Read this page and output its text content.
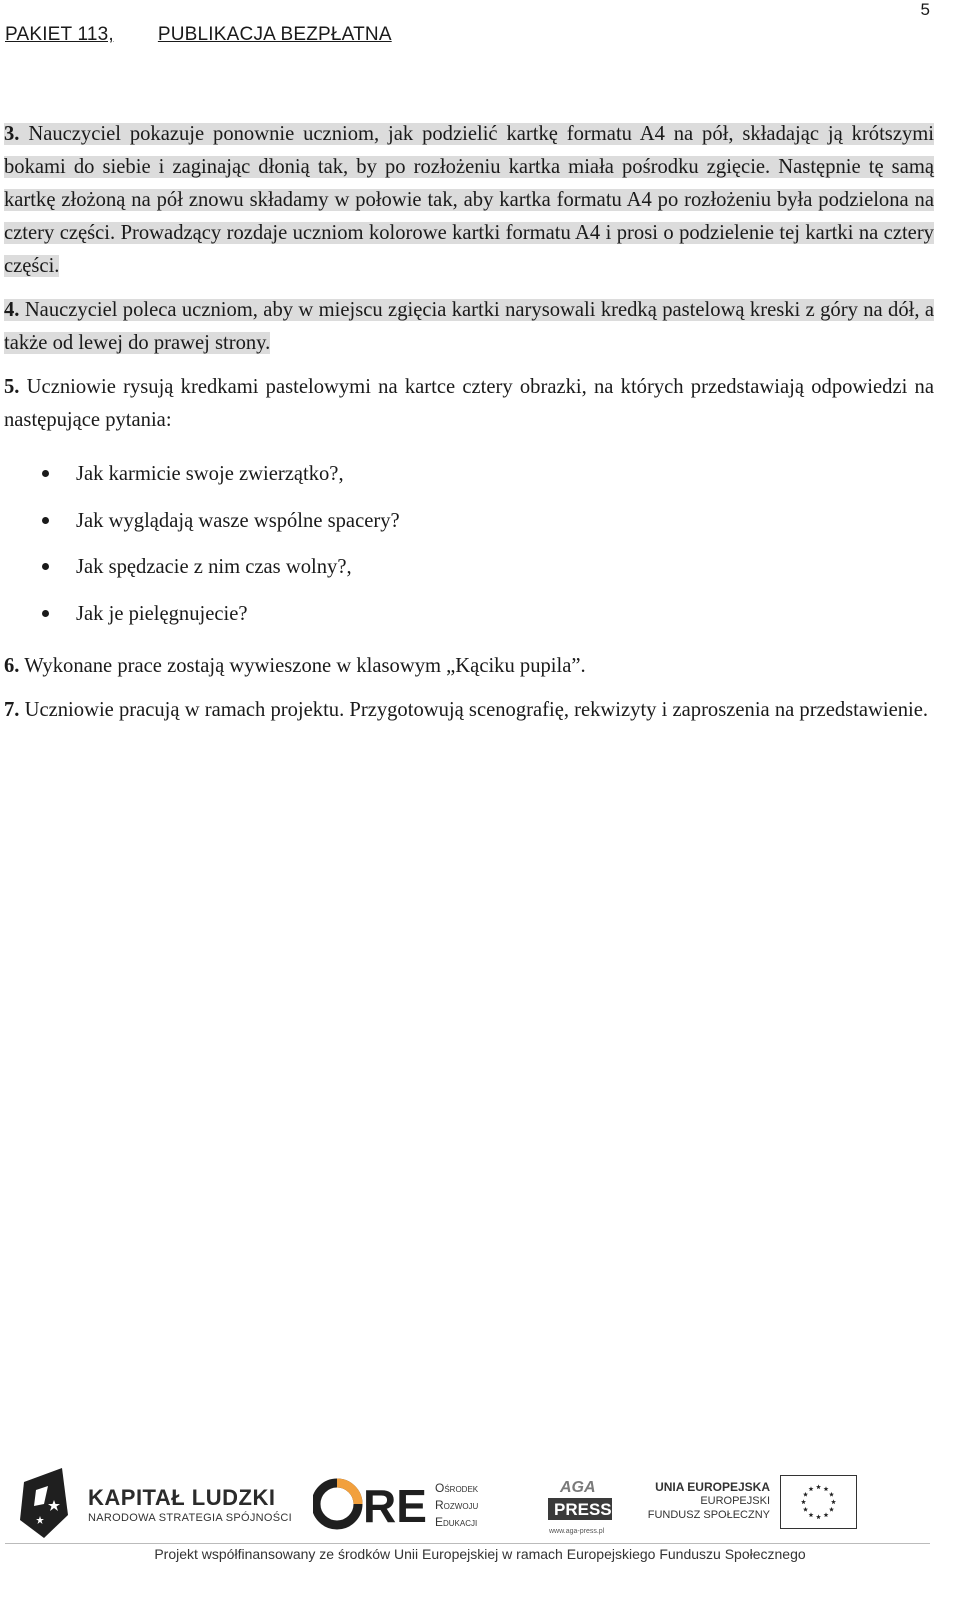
5
PAKIET 113, PUBLIKACJA BEZPŁATNA

3. Nauczyciel pokazuje ponownie uczniom, jak podzielić kartkę formatu A4 na pół, składając ją krótszymi bokami do siebie i zaginając dłonią tak, by po rozłożeniu kartka miała pośrodku zgięcie. Następnie tę samą kartkę złożoną na pół znowu składamy w połowie tak, aby kartka formatu A4 po rozłożeniu była podzielona na cztery części. Prowadzący rozdaje uczniom kolorowe kartki formatu A4 i prosi o podzielenie tej kartki na cztery części.

4. Nauczyciel poleca uczniom, aby w miejscu zgięcia kartki narysowali kredką pastelową kreski z góry na dół, a także od lewej do prawej strony.

5. Uczniowie rysują kredkami pastelowymi na kartce cztery obrazki, na których przedstawiają odpowiedzi na następujące pytania:

Jak karmicie swoje zwierzątko?,
Jak wyglądają wasze wspólne spacery?
Jak spędzacie z nim czas wolny?,
Jak je pielęgnujecie?

6. Wykonane prace zostają wywieszone w klasowym „Kąciku pupila”.

7. Uczniowie pracują w ramach projektu. Przygotowują scenografię, rekwizyty i zaproszenia na przedstawienie.

KAPITAŁ LUDZKI
NARODOWA STRATEGIA SPÓJNOŚCI RE Ośrodek
Rozwoju
Edukacji
AGA
PRESS
www.aga-press.pl
UNIA EUROPEJSKA
EUROPEJSKI
FUNDUSZ SPOŁECZNY
Projekt współfinansowany ze środków Unii Europejskiej w ramach Europejskiego Funduszu Społecznego
